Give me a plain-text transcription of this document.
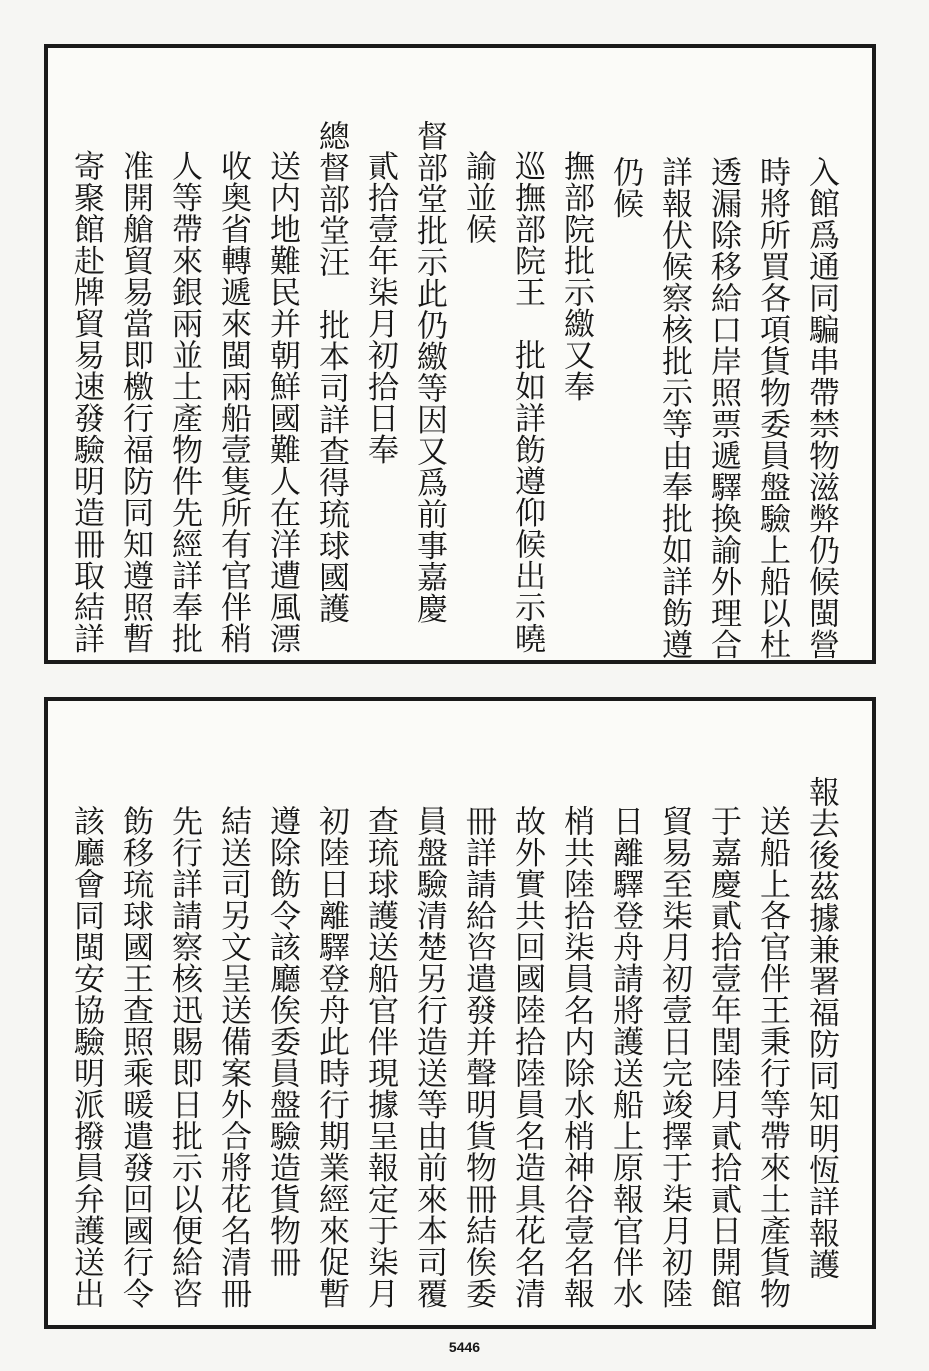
入館爲通同騙串帶禁物滋弊仍候閩營
時將所買各項貨物委員盤驗上船以杜
透漏除移給口岸照票遞驛換諭外理合
詳報伏候察核批示等由奉批如詳飭遵
仍候
撫部院批示繳又奉
巡撫部院王　批如詳飭遵仰候出示曉
諭並候
督部堂批示此仍繳等因又爲前事嘉慶
貳拾壹年柒月初拾日奉
總督部堂汪　批本司詳查得琉球國護
送内地難民并朝鮮國難人在洋遭風漂
收奥省轉遞來閩兩船壹隻所有官伴稍
人等帶來銀兩並土產物件先經詳奉批
准開艙貿易當即檄行福防同知遵照暫
寄聚館赴牌貿易速發驗明造冊取結詳
報去後茲據兼署福防同知明恆詳報護
送船上各官伴王秉行等帶來土產貨物
于嘉慶貳拾壹年閏陸月貳拾貳日開館
貿易至柒月初壹日完竣擇于柒月初陸
日離驛登舟請將護送船上原報官伴水
梢共陸拾柒員名内除水梢神谷壹名報
故外實共回國陸拾陸員名造具花名清
冊詳請給咨遣發并聲明貨物冊結俟委
員盤驗清楚另行造送等由前來本司覆
查琉球護送船官伴現據呈報定于柒月
初陸日離驛登舟此時行期業經來促暫
遵除飭令該廳俟委員盤驗造貨物冊
結送司另文呈送備案外合將花名清冊
先行詳請察核迅賜即日批示以便給咨
飭移琉球國王查照乘暖遣發回國行令
該廳會同閩安協驗明派撥員弁護送出
5446
